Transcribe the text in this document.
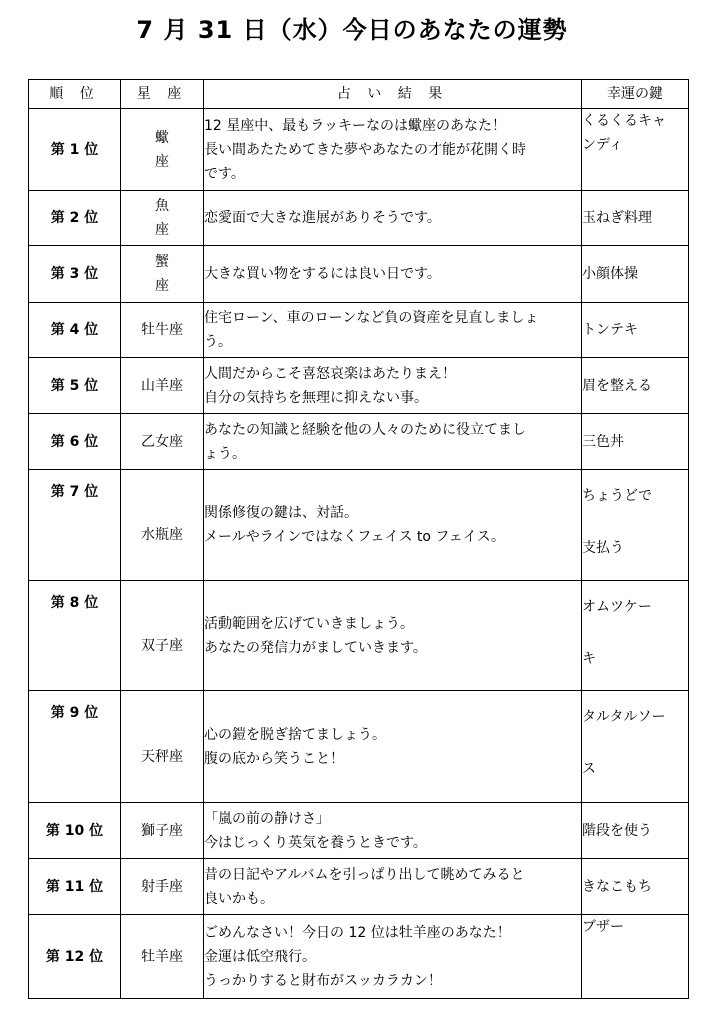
7 月 31 日（水）今日のあなたの運勢
順 位	星 座	占 い 結 果	幸運の鍵
第 1 位	蠍 座	12 星座中、最もラッキーなのは蠍座のあなた！
長い間あたためてきた夢やあなたの才能が花開く時
です。	くるくるキャ
ンディ

第 2 位	魚 座	恋愛面で大きな進展がありそうです。	玉ねぎ料理

第 3 位	蟹 座	大きな買い物をするには良い日です。	小顔体操

第 4 位	牡牛座	住宅ローン、車のローンなど負の資産を見直しましょ
う。	トンテキ

第 5 位	山羊座	人間だからこそ喜怒哀楽はあたりまえ！
自分の気持ちを無理に抑えない事。	眉を整える

第 6 位	乙女座	あなたの知識と経験を他の人々のために役立てまし
ょう。	三色丼

第 7 位	水瓶座	関係修復の鍵は、対話。
メールやラインではなくフェイス to フェイス。	ちょうどで
支払う

第 8 位	双子座	活動範囲を広げていきましょう。
あなたの発信力がましていきます。	オムツケー
キ

第 9 位	天秤座	心の鎧を脱ぎ捨てましょう。
腹の底から笑うこと！	タルタルソー
ス

第 10 位	獅子座	「嵐の前の静けさ」
今はじっくり英気を養うときです。	階段を使う

第 11 位	射手座	昔の日記やアルバムを引っぱり出して眺めてみると
良いかも。	きなこもち

第 12 位	牡羊座	ごめんなさい！今日の 12 位は牡羊座のあなた！
金運は低空飛行。
うっかりすると財布がスッカラカン！	ブザー
